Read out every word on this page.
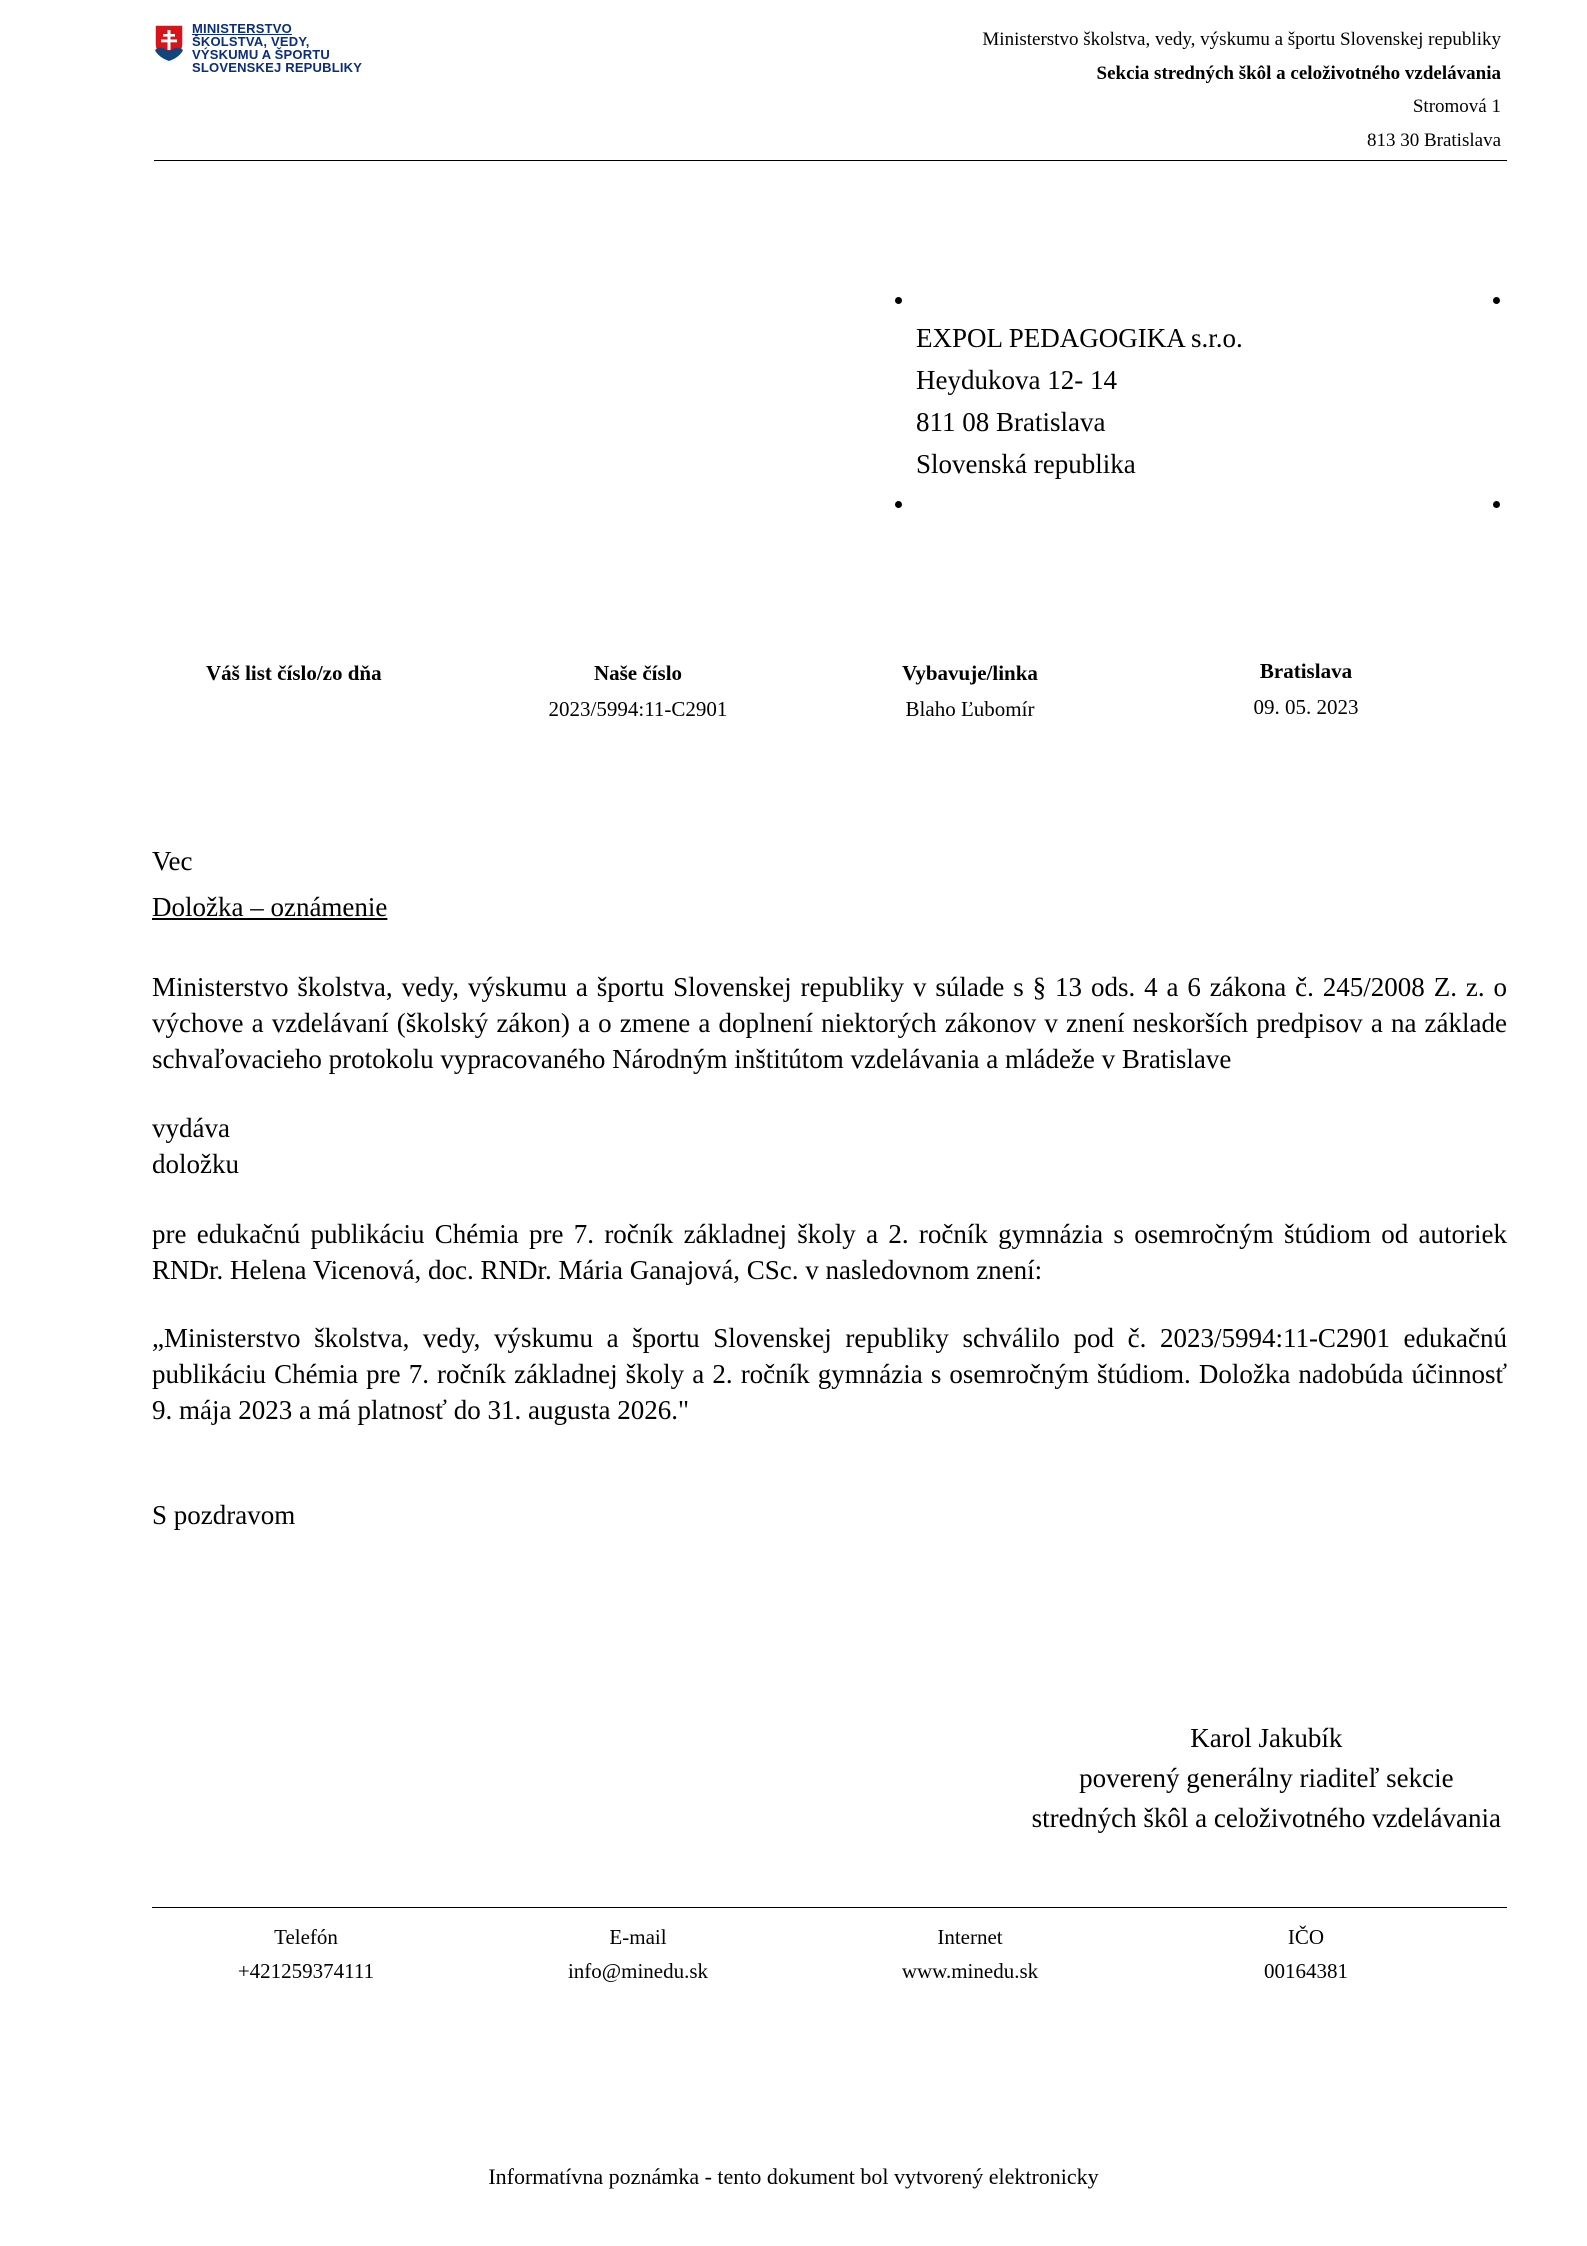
MINISTERSTVO
ŠKOLSTVA, VEDY,
VÝSKUMU A ŠPORTU
SLOVENSKEJ REPUBLIKY
Ministerstvo školstva, vedy, výskumu a športu Slovenskej republiky
Sekcia stredných škôl a celoživotného vzdelávania
Stromová 1
813 30 Bratislava
EXPOL PEDAGOGIKA s.r.o.
Heydukova 12- 14
811 08 Bratislava
Slovenská republika
Váš list číslo/zo dňa	Naše číslo
2023/5994:11-C2901
Vybavuje/linka
Blaho Ľubomír
Bratislava
09. 05. 2023
Vec
Doložka – oznámenie
Ministerstvo školstva, vedy, výskumu a športu Slovenskej republiky v súlade s § 13 ods. 4 a 6 zákona č. 245/2008 Z. z. o výchove a vzdelávaní (školský zákon) a o zmene a doplnení niektorých zákonov v znení neskorších predpisov a na základe schvaľovacieho protokolu vypracovaného Národným inštitútom vzdelávania a mládeže v Bratislave
vydáva
doložku
pre edukačnú publikáciu Chémia pre 7. ročník základnej školy a 2. ročník gymnázia s osemročným štúdiom od autoriek RNDr. Helena Vicenová, doc. RNDr. Mária Ganajová, CSc. v nasledovnom znení:
„Ministerstvo školstva, vedy, výskumu a športu Slovenskej republiky schválilo pod č. 2023/5994:11-C2901 edukačnú publikáciu Chémia pre 7. ročník základnej školy a 2. ročník gymnázia s osemročným štúdiom. Doložka nadobúda účinnosť 9. mája 2023 a má platnosť do 31. augusta 2026."
S pozdravom
Karol Jakubík
poverený generálny riaditeľ sekcie
stredných škôl a celoživotného vzdelávania
Telefón
+421259374111
E-mail
info@minedu.sk
Internet
www.minedu.sk
IČO
00164381
Informatívna poznámka - tento dokument bol vytvorený elektronicky
